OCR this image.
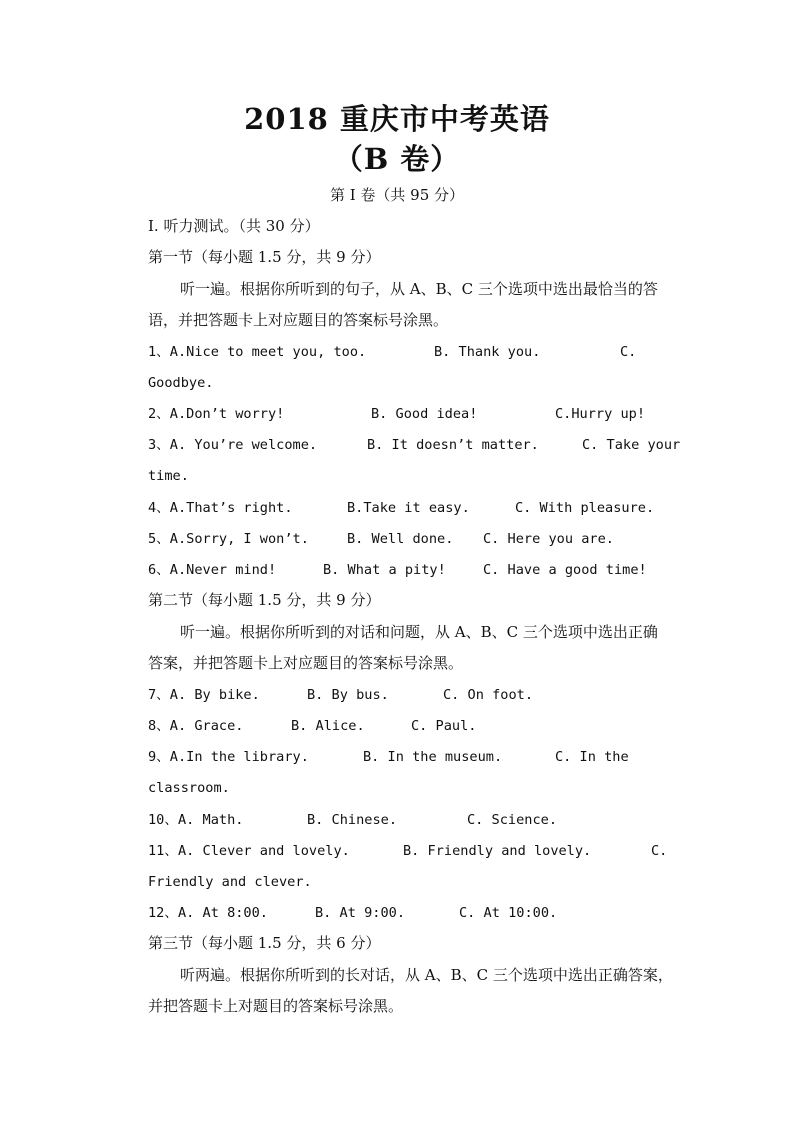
2018 重庆市中考英语
（B 卷）
第 I 卷（共 95 分）
I. 听力测试。（共 30 分）
第一节（每小题 1.5 分，共 9 分）
听一遍。根据你所听到的句子，从 A、B、C 三个选项中选出最恰当的答
语，并把答题卡上对应题目的答案标号涂黑。
1、A.Nice to meet you, too.	B. Thank you.	C.
Goodbye.
2、A.Don’t worry!	B. Good idea!	C.Hurry up!
3、A. You’re welcome.	B. It doesn’t matter.	C. Take your
time.
4、A.That’s right.	B.Take it easy.	C. With pleasure.
5、A.Sorry, I won’t.	B. Well done. C. Here you are.
6、A.Never mind!	B. What a pity!	C. Have a good time!
第二节（每小题 1.5 分，共 9 分）
听一遍。根据你所听到的对话和问题，从 A、B、C 三个选项中选出正确
答案，并把答题卡上对应题目的答案标号涂黑。
7、A. By bike.	B. By bus.	C. On foot.
8、A. Grace.	B. Alice.	C. Paul.
9、A.In the library.	B. In the museum.	C. In the
classroom.
10、A. Math.	B. Chinese.	C. Science.
11、A. Clever and lovely.	B. Friendly and lovely.	C.
Friendly and clever.
12、A. At 8:00.	B. At 9:00.	C. At 10:00.
第三节（每小题 1.5 分，共 6 分）
听两遍。根据你所听到的长对话，从 A、B、C 三个选项中选出正确答案，
并把答题卡上对题目的答案标号涂黑。
